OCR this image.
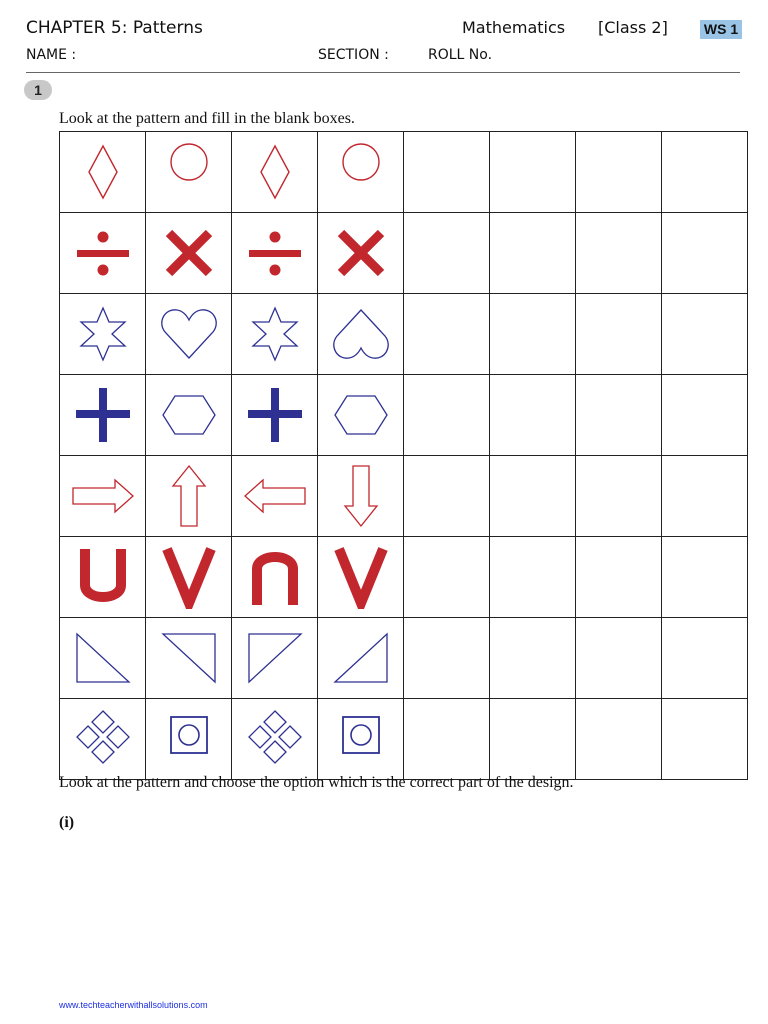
CHAPTER 5: Patterns	Mathematics [Class 2]	WS 1
NAME :	SECTION :	ROLL No.
1
Look at the pattern and fill in the blank boxes.

Look at the pattern and choose the option which is the correct part of the design.
(i)
www.techteacherwithallsolutions.com
